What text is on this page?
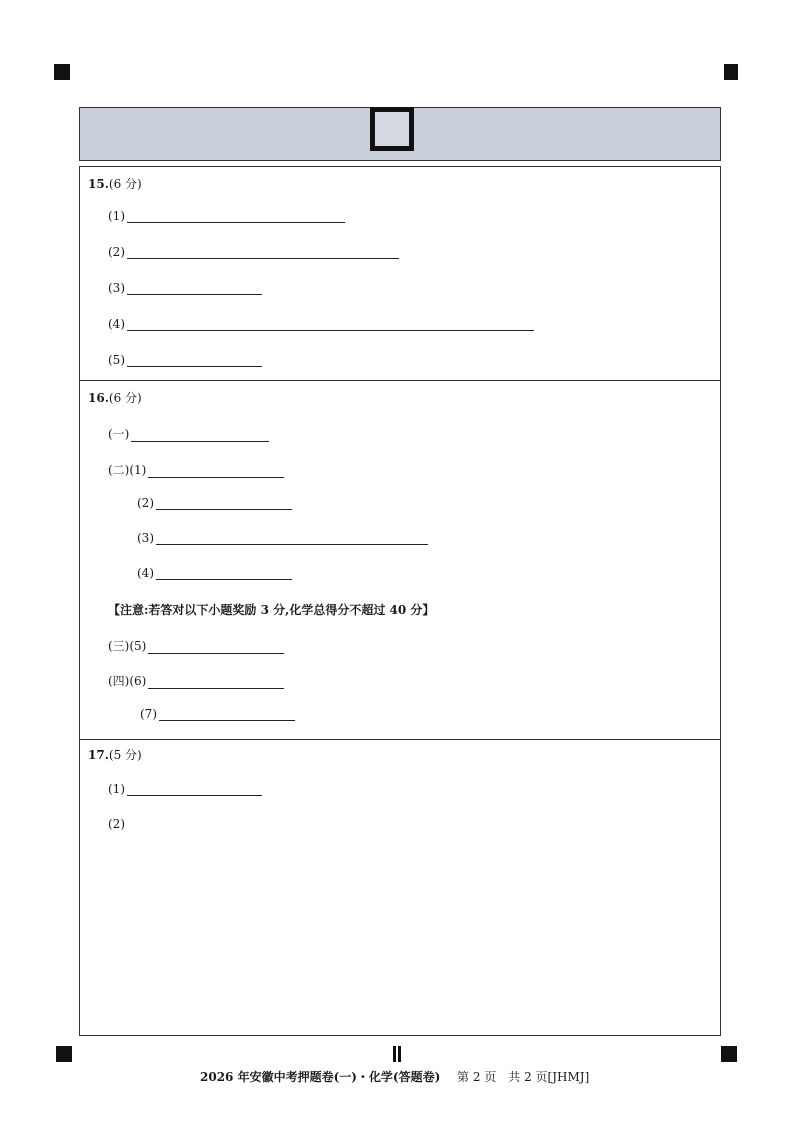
15.(6 分)
(1)
(2)
(3)
(4)
(5)
16.(6 分)
(一)
(二)(1)
(2)
(3)
(4)
【注意:若答对以下小题奖励 3 分,化学总得分不超过 40 分】
(三)(5)
(四)(6)
(7)
17.(5 分)
(1)
(2)
2026 年安徽中考押题卷(一)・化学(答题卷) 第 2 页　共 2 页[JHMJ]
